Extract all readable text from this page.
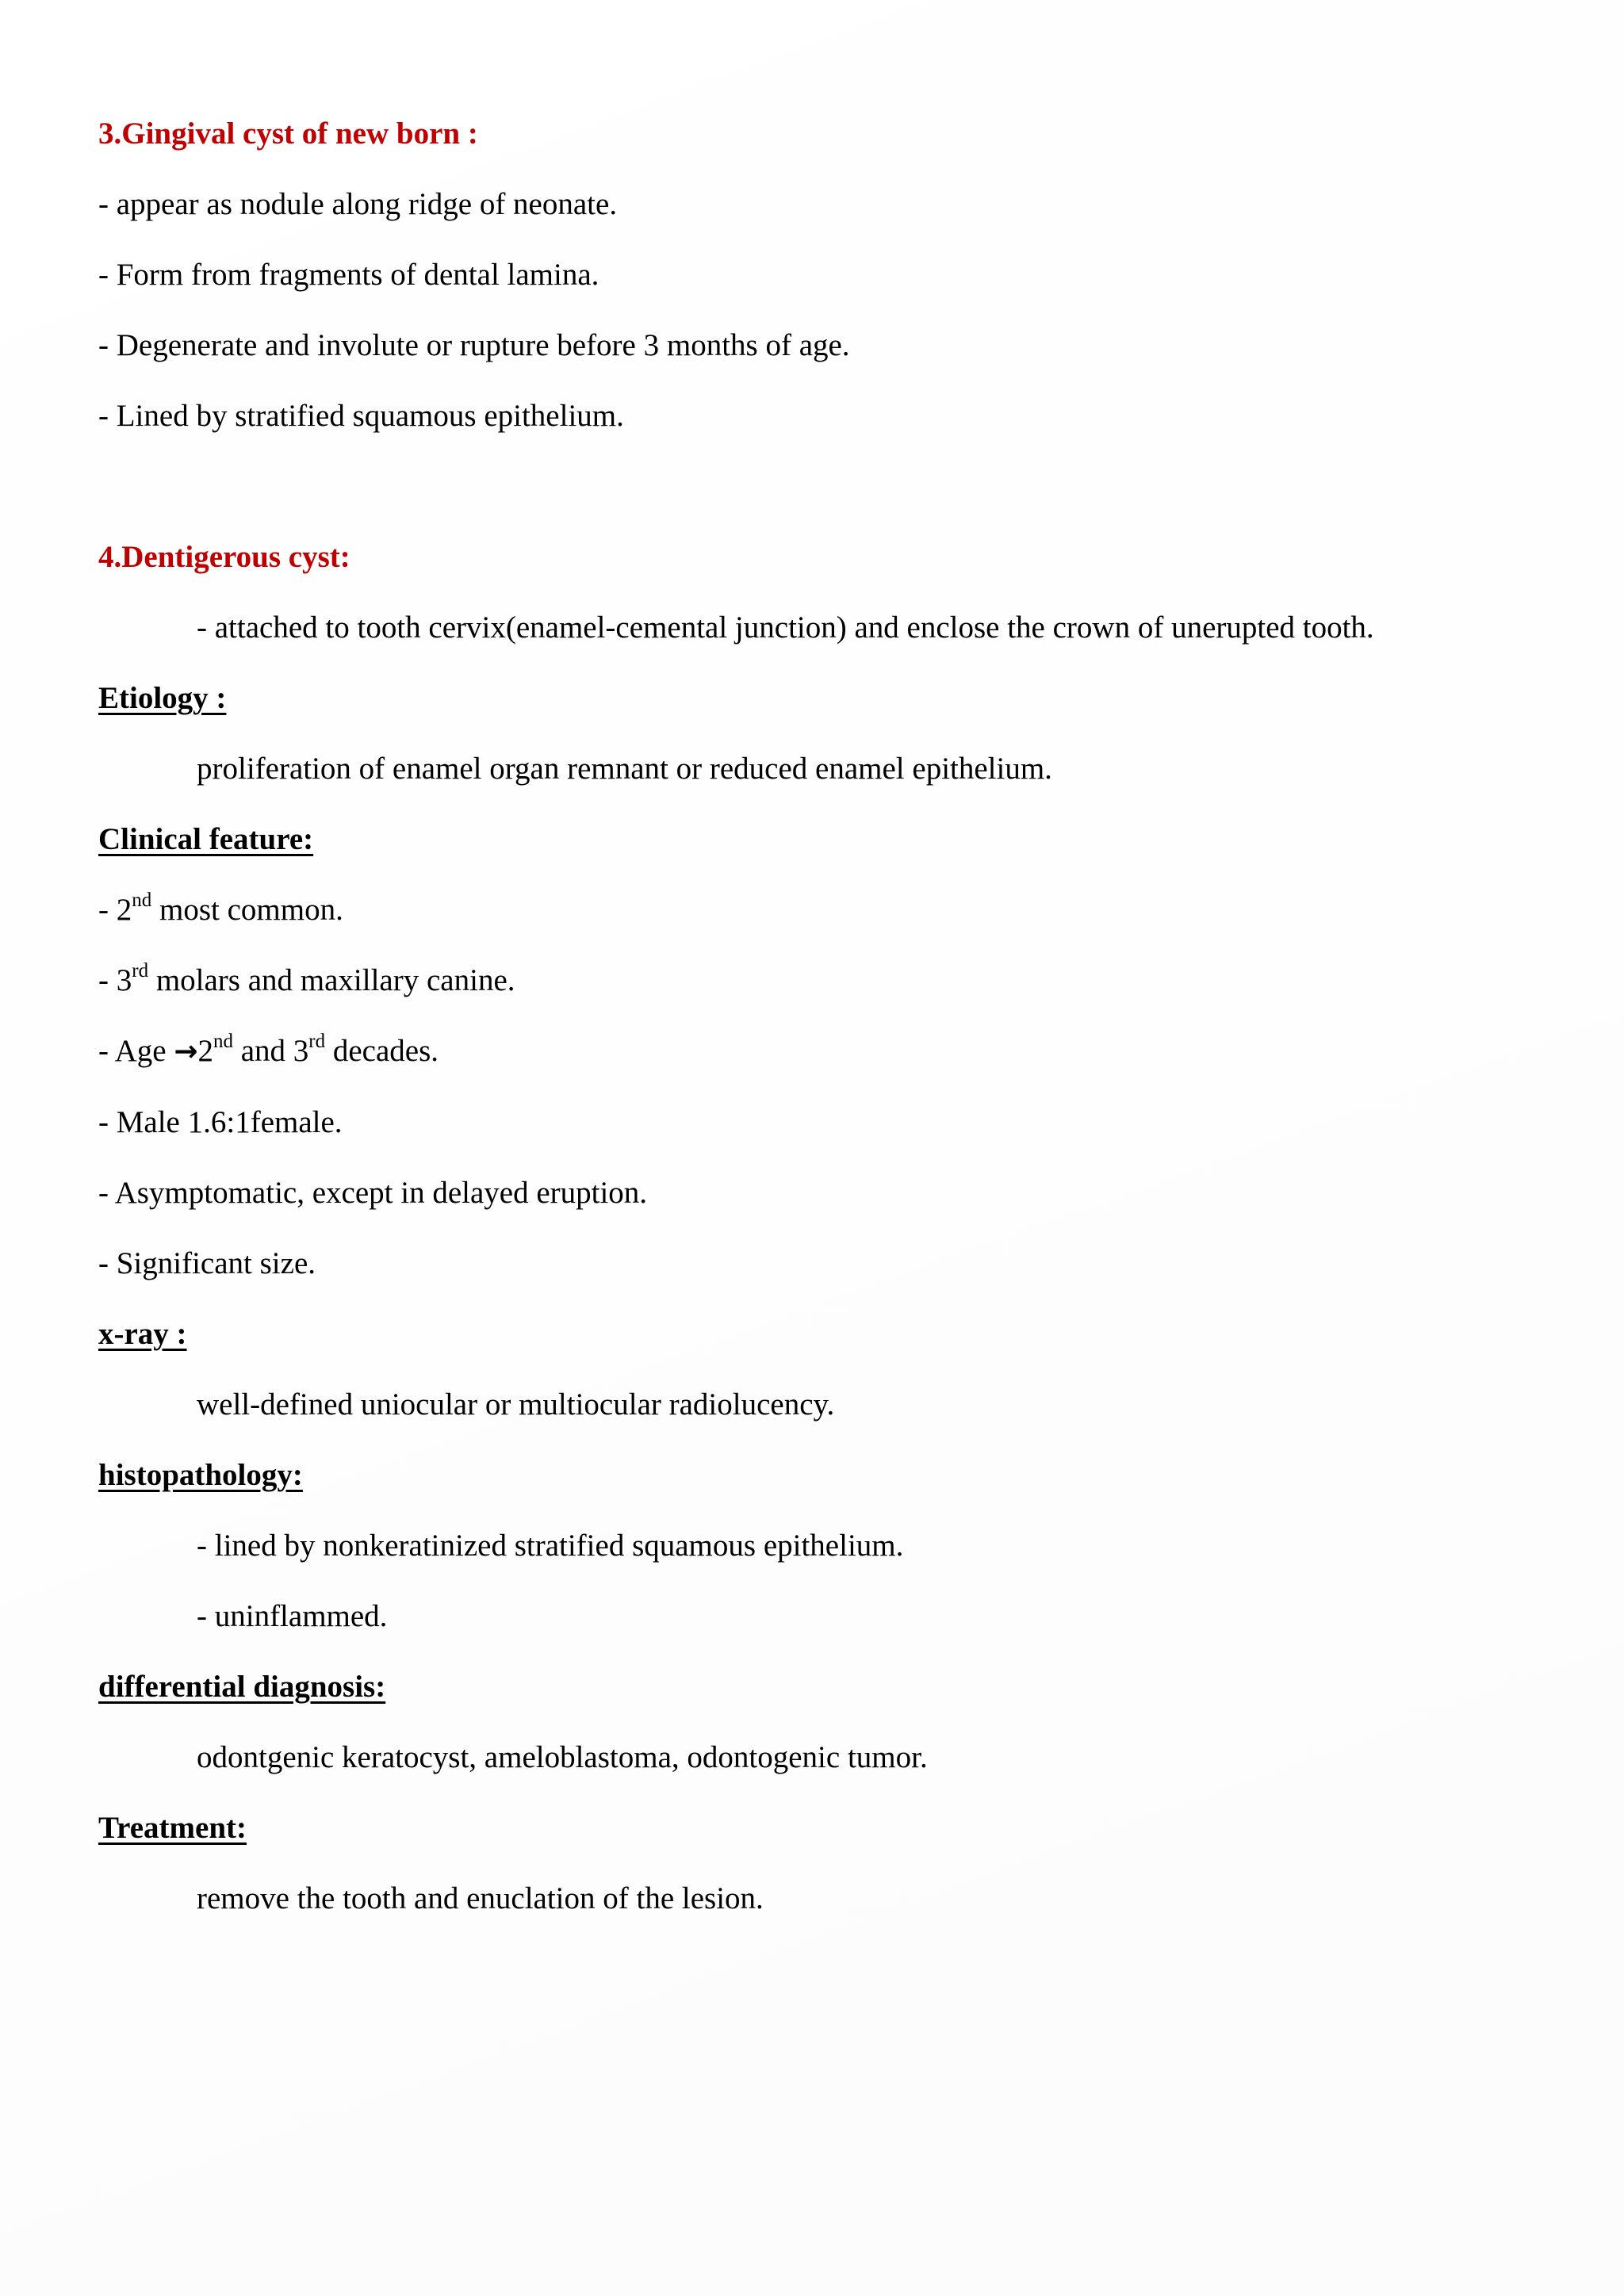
3.Gingival cyst of new born :

- appear as nodule along ridge of neonate.

- Form from fragments of dental lamina.

- Degenerate and involute or rupture before 3 months of age.

- Lined by stratified squamous epithelium.

4.Dentigerous cyst:

- attached to tooth cervix(enamel-cemental junction) and enclose the crown of unerupted tooth.

Etiology :

proliferation of enamel organ remnant or reduced enamel epithelium.

Clinical feature:

- 2nd most common.

- 3rd molars and maxillary canine.

- Age →2nd and 3rd decades.

- Male 1.6:1female.

- Asymptomatic, except in delayed eruption.

- Significant size.

x-ray :

well-defined uniocular or multiocular radiolucency.

histopathology:

- lined by nonkeratinized stratified squamous epithelium.

- uninflammed.

differential diagnosis:

odontgenic keratocyst, ameloblastoma, odontogenic tumor.

Treatment:

remove the tooth and enuclation of the lesion.
